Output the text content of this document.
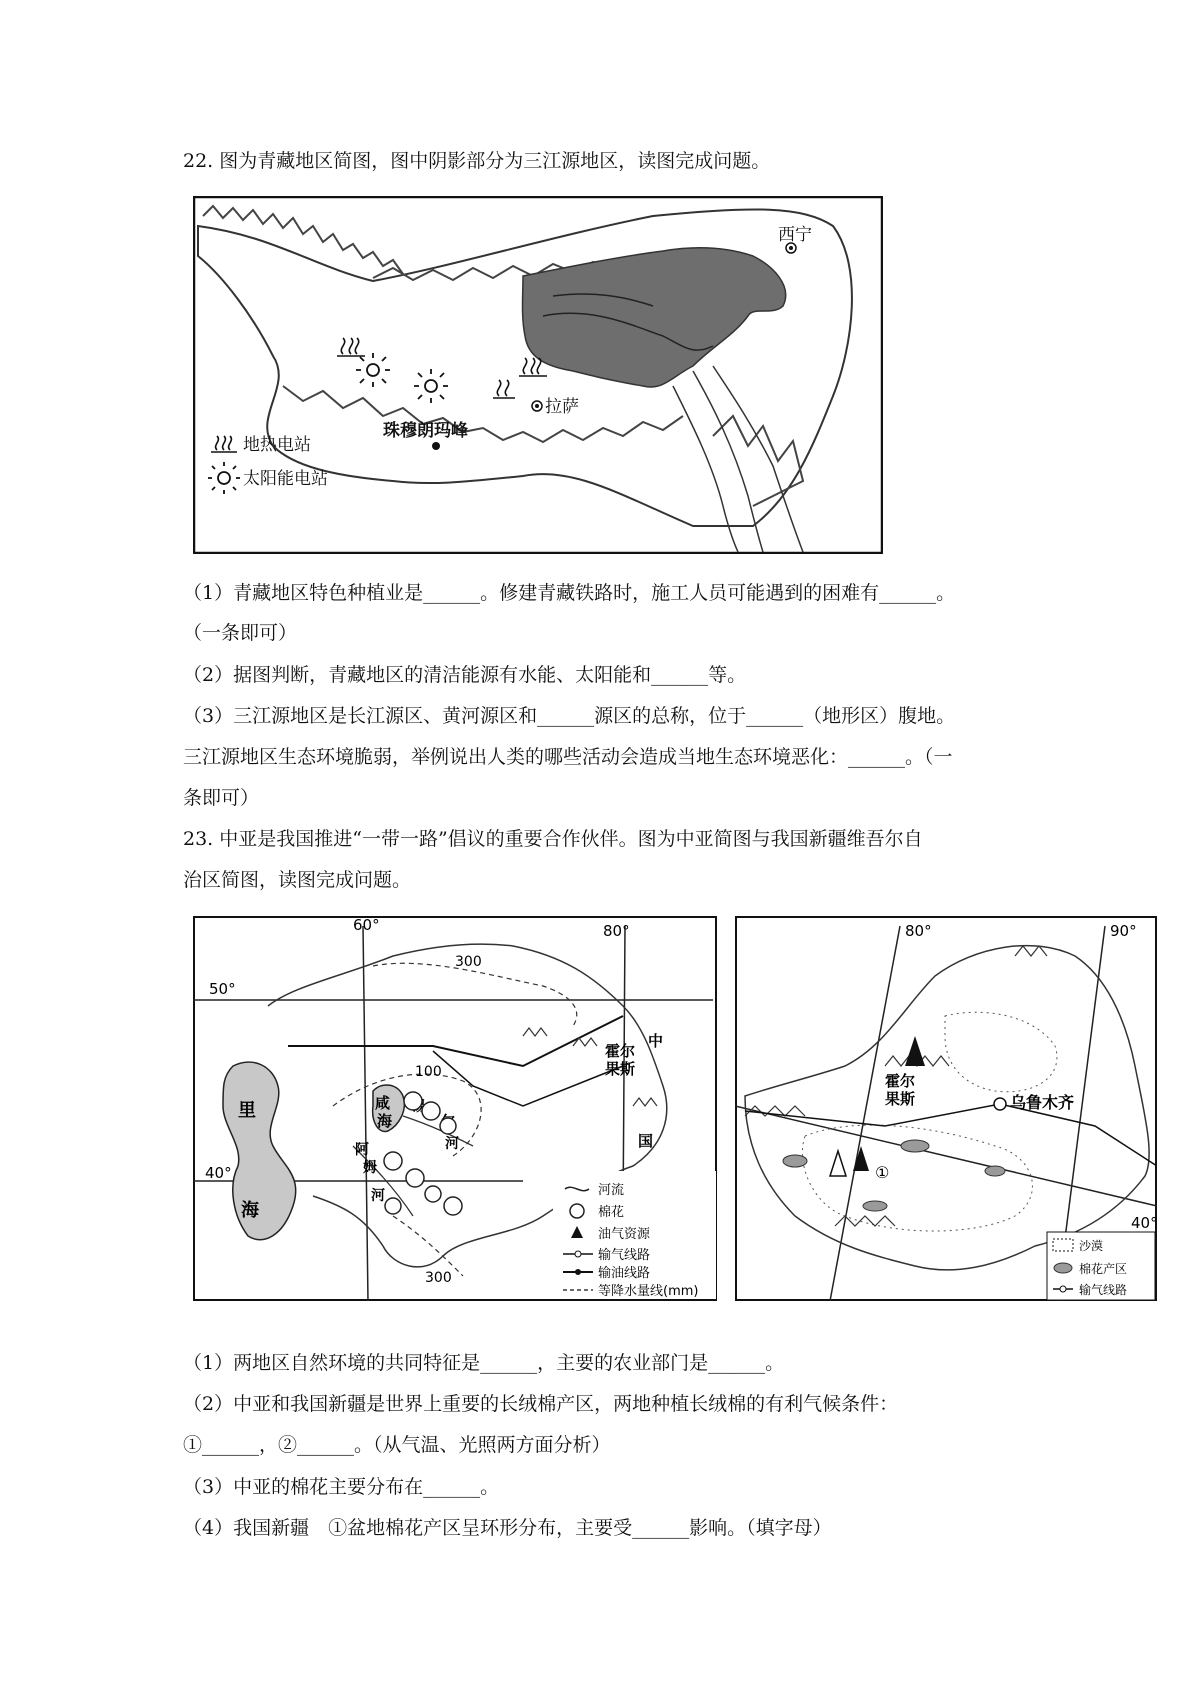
22. 图为青藏地区简图，图中阴影部分为三江源地区，读图完成问题。
西宁
拉萨
珠穆朗玛峰
地热电站
太阳能电站
（1）青藏地区特色种植业是______。修建青藏铁路时，施工人员可能遇到的困难有______。
（一条即可）
（2）据图判断，青藏地区的清洁能源有水能、太阳能和______等。
（3）三江源地区是长江源区、黄河源区和______源区的总称，位于______（地形区）腹地。
三江源地区生态环境脆弱，举例说出人类的哪些活动会造成当地生态环境恶化：______。（一
条即可）
23. 中亚是我国推进“一带一路”倡议的重要合作伙伴。图为中亚简图与我国新疆维吾尔自
治区简图，读图完成问题。
60°	80°
50°
40°
里
海
咸
海
300
100
300
河
阿
姆
河
中
国
霍尔
果斯
河流
棉花
油气资源
输气线路
输油线路
等降水量线(mm)
80°	90°
40°
乌鲁木齐
霍尔
果斯
①
沙漠
棉花产区
输气线路
（1）两地区自然环境的共同特征是______，主要的农业部门是______。
（2）中亚和我国新疆是世界上重要的长绒棉产区，两地种植长绒棉的有利气候条件：
①______，②______。（从气温、光照两方面分析）
（3）中亚的棉花主要分布在______。
（4）我国新疆　①盆地棉花产区呈环形分布，主要受______影响。（填字母）
